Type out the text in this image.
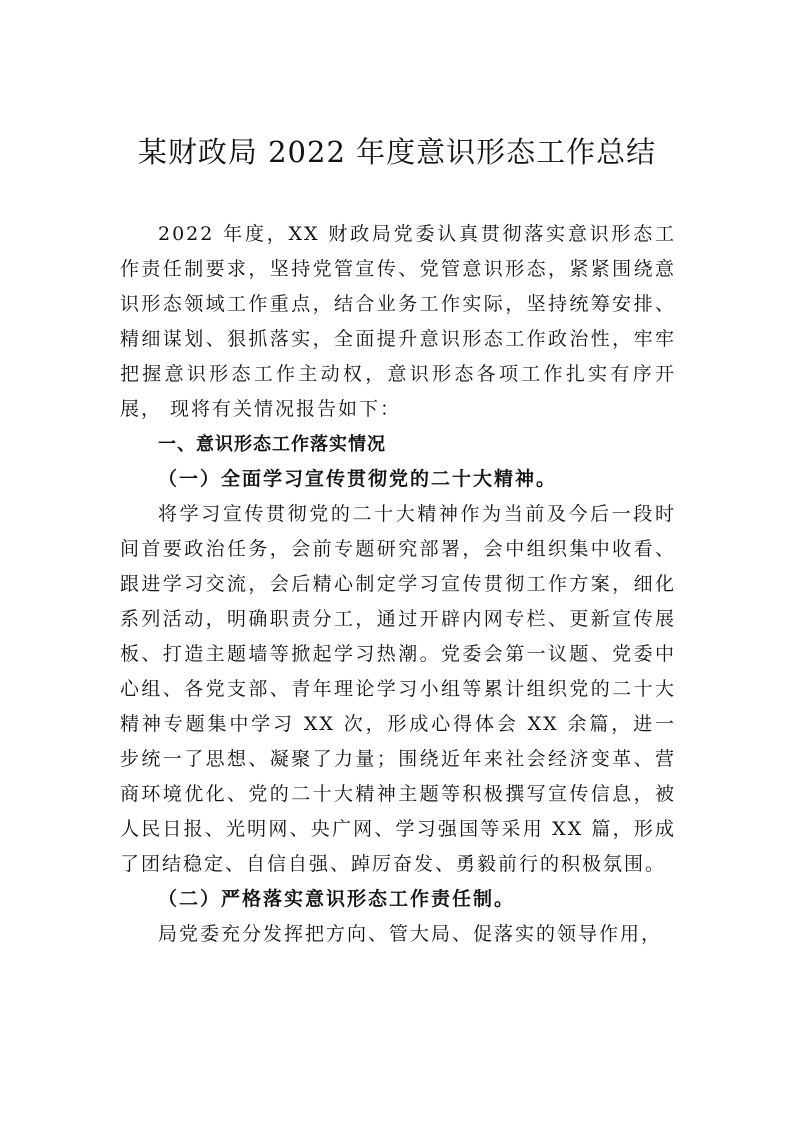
某财政局 2022 年度意识形态工作总结

2022 年度，XX 财政局党委认真贯彻落实意识形态工作责任制要求，坚持党管宣传、党管意识形态，紧紧围绕意识形态领域工作重点，结合业务工作实际，坚持统筹安排、精细谋划、狠抓落实，全面提升意识形态工作政治性，牢牢把握意识形态工作主动权，意识形态各项工作扎实有序开展， 现将有关情况报告如下：

一、意识形态工作落实情况

（一）全面学习宣传贯彻党的二十大精神。

将学习宣传贯彻党的二十大精神作为当前及今后一段时间首要政治任务，会前专题研究部署，会中组织集中收看、跟进学习交流，会后精心制定学习宣传贯彻工作方案，细化系列活动，明确职责分工，通过开辟内网专栏、更新宣传展板、打造主题墙等掀起学习热潮。党委会第一议题、党委中心组、各党支部、青年理论学习小组等累计组织党的二十大精神专题集中学习 XX 次，形成心得体会 XX 余篇，进一步统一了思想、凝聚了力量；围绕近年来社会经济变革、营商环境优化、党的二十大精神主题等积极撰写宣传信息，被人民日报、光明网、央广网、学习强国等采用 XX 篇，形成了团结稳定、自信自强、踔厉奋发、勇毅前行的积极氛围。

（二）严格落实意识形态工作责任制。

局党委充分发挥把方向、管大局、促落实的领导作用，
